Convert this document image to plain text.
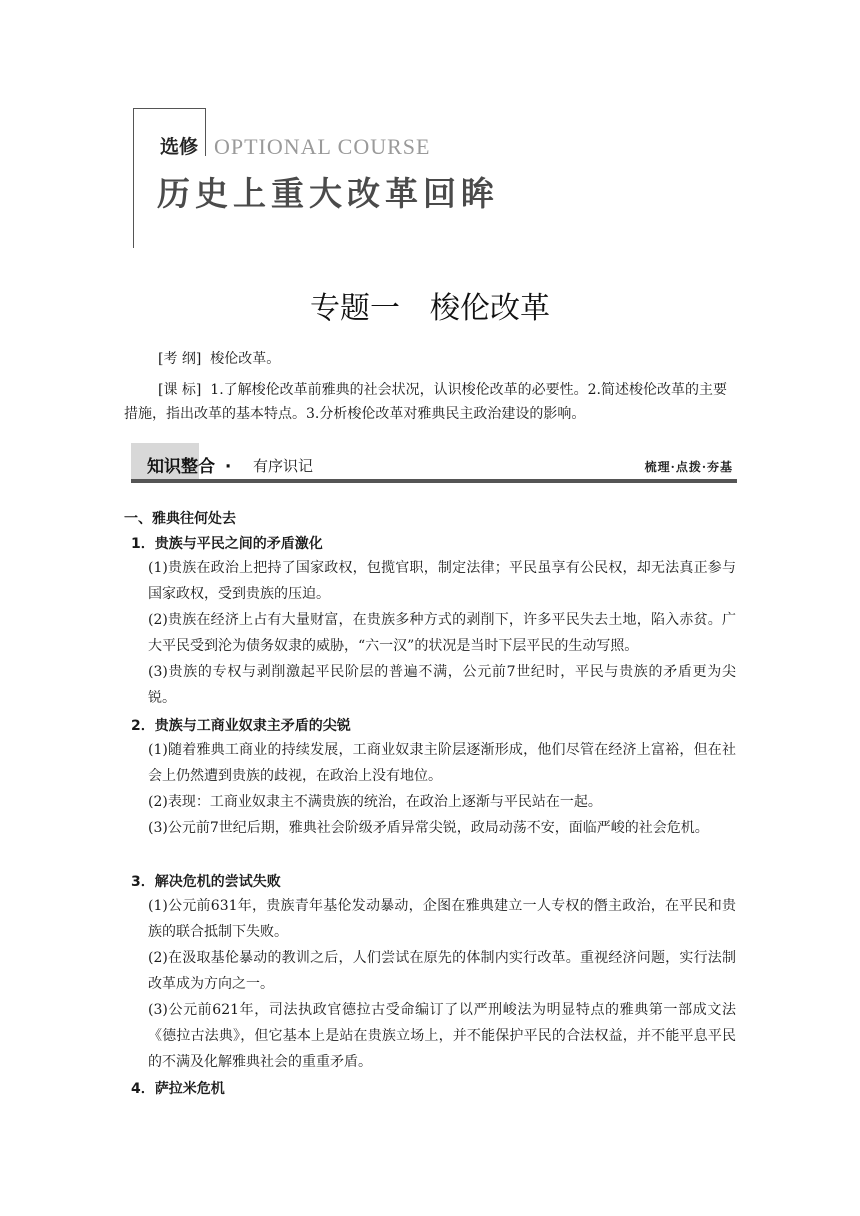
选修 OPTIONAL COURSE
历史上重大改革回眸
专题一 梭伦改革
[考 纲] 梭伦改革。
[课 标] 1.了解梭伦改革前雅典的社会状况，认识梭伦改革的必要性。2.简述梭伦改革的主要措施，指出改革的基本特点。3.分析梭伦改革对雅典民主政治建设的影响。
知识整合 · 有序识记	梳理·点拨·夯基
一、雅典往何处去
1．贵族与平民之间的矛盾激化
(1)贵族在政治上把持了国家政权，包揽官职，制定法律；平民虽享有公民权，却无法真正参与国家政权，受到贵族的压迫。
(2)贵族在经济上占有大量财富，在贵族多种方式的剥削下，许多平民失去土地，陷入赤贫。广大平民受到沦为债务奴隶的威胁，“六一汉”的状况是当时下层平民的生动写照。
(3)贵族的专权与剥削激起平民阶层的普遍不满，公元前7世纪时，平民与贵族的矛盾更为尖锐。
2．贵族与工商业奴隶主矛盾的尖锐
(1)随着雅典工商业的持续发展，工商业奴隶主阶层逐渐形成，他们尽管在经济上富裕，但在社会上仍然遭到贵族的歧视，在政治上没有地位。
(2)表现：工商业奴隶主不满贵族的统治，在政治上逐渐与平民站在一起。
(3)公元前7世纪后期，雅典社会阶级矛盾异常尖锐，政局动荡不安，面临严峻的社会危机。
3．解决危机的尝试失败
(1)公元前631年，贵族青年基伦发动暴动，企图在雅典建立一人专权的僭主政治，在平民和贵族的联合抵制下失败。
(2)在汲取基伦暴动的教训之后，人们尝试在原先的体制内实行改革。重视经济问题，实行法制改革成为方向之一。
(3)公元前621年，司法执政官德拉古受命编订了以严刑峻法为明显特点的雅典第一部成文法《德拉古法典》，但它基本上是站在贵族立场上，并不能保护平民的合法权益，并不能平息平民的不满及化解雅典社会的重重矛盾。
4．萨拉米危机
